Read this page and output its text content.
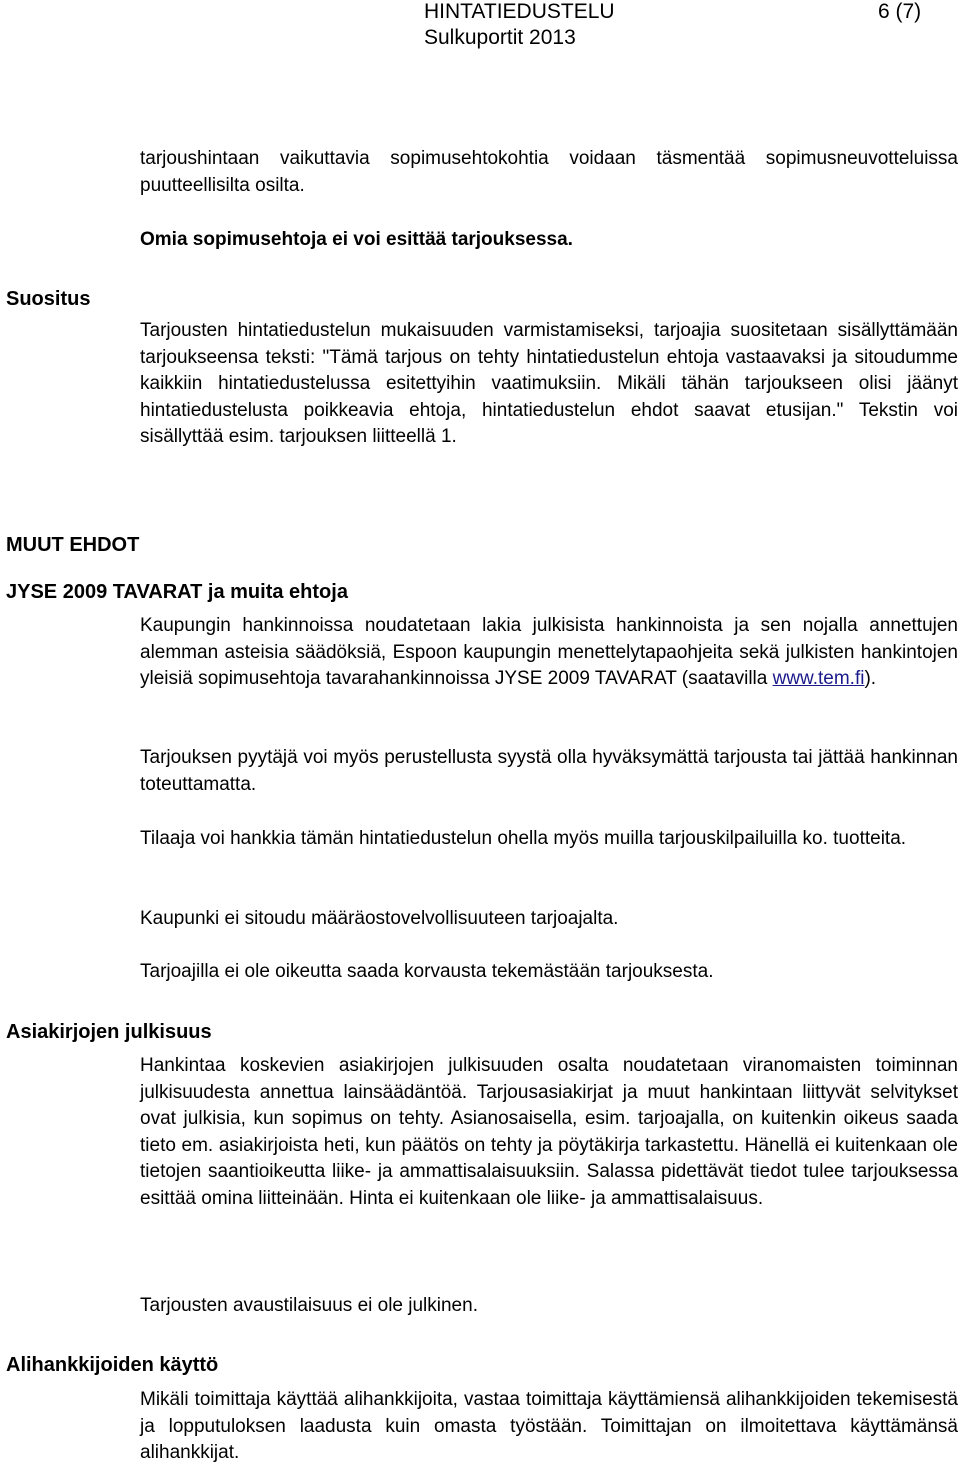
HINTATIEDUSTELU	6 (7)
Sulkuportit 2013

tarjoushintaan vaikuttavia sopimusehtokohtia voidaan täsmentää sopimusneuvotteluissa puutteellisilta osilta.

Omia sopimusehtoja ei voi esittää tarjouksessa.

Suositus

Tarjousten hintatiedustelun mukaisuuden varmistamiseksi, tarjoajia suositetaan sisällyttämään tarjoukseensa teksti: "Tämä tarjous on tehty hintatiedustelun ehtoja vastaavaksi ja sitoudumme kaikkiin hintatiedustelussa esitettyihin vaatimuksiin. Mikäli tähän tarjoukseen olisi jäänyt hintatiedustelusta poikkeavia ehtoja, hintatiedustelun ehdot saavat etusijan." Tekstin voi sisällyttää esim. tarjouksen liitteellä 1.

MUUT EHDOT
JYSE 2009 TAVARAT ja muita ehtoja

Kaupungin hankinnoissa noudatetaan lakia julkisista hankinnoista ja sen nojalla annettujen alemman asteisia säädöksiä, Espoon kaupungin menettelytapaohjeita sekä julkisten hankintojen yleisiä sopimusehtoja tavarahankinnoissa JYSE 2009 TAVARAT (saatavilla www.tem.fi).

Tarjouksen pyytäjä voi myös perustellusta syystä olla hyväksymättä tarjousta tai jättää hankinnan toteuttamatta.

Tilaaja voi hankkia tämän hintatiedustelun ohella myös muilla tarjouskilpailuilla ko. tuotteita.

Kaupunki ei sitoudu määräostovelvollisuuteen tarjoajalta.

Tarjoajilla ei ole oikeutta saada korvausta tekemästään tarjouksesta.

Asiakirjojen julkisuus

Hankintaa koskevien asiakirjojen julkisuuden osalta noudatetaan viranomaisten toiminnan julkisuudesta annettua lainsäädäntöä. Tarjousasiakirjat ja muut hankintaan liittyvät selvitykset ovat julkisia, kun sopimus on tehty. Asianosaisella, esim. tarjoajalla, on kuitenkin oikeus saada tieto em. asiakirjoista heti, kun päätös on tehty ja pöytäkirja tarkastettu. Hänellä ei kuitenkaan ole tietojen saantioikeutta liike- ja ammattisalaisuuksiin. Salassa pidettävät tiedot tulee tarjouksessa esittää omina liitteinään. Hinta ei kuitenkaan ole liike- ja ammattisalaisuus.

Tarjousten avaustilaisuus ei ole julkinen.

Alihankkijoiden käyttö

Mikäli toimittaja käyttää alihankkijoita, vastaa toimittaja käyttämiensä alihankkijoiden tekemisestä ja lopputuloksen laadusta kuin omasta työstään. Toimittajan on ilmoitettava käyttämänsä alihankkijat.
